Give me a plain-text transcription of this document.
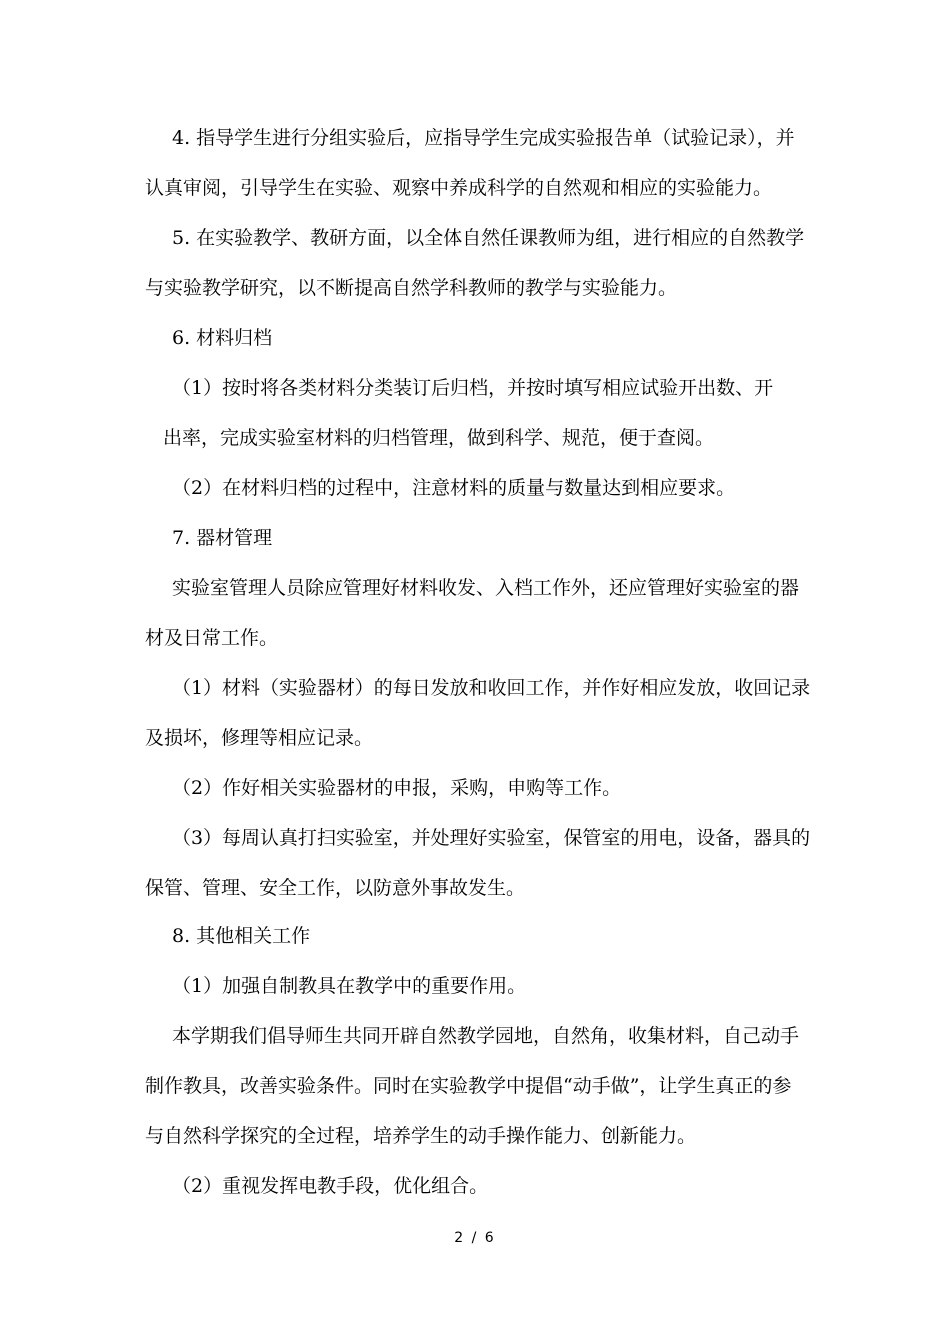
4. 指导学生进行分组实验后，应指导学生完成实验报告单（试验记录），并
认真审阅，引导学生在实验、观察中养成科学的自然观和相应的实验能力。
5. 在实验教学、教研方面，以全体自然任课教师为组，进行相应的自然教学
与实验教学研究，以不断提高自然学科教师的教学与实验能力。
6. 材料归档
（1）按时将各类材料分类装订后归档，并按时填写相应试验开出数、开
出率，完成实验室材料的归档管理，做到科学、规范，便于查阅。
（2）在材料归档的过程中，注意材料的质量与数量达到相应要求。
7. 器材管理
实验室管理人员除应管理好材料收发、入档工作外，还应管理好实验室的器
材及日常工作。
（1）材料（实验器材）的每日发放和收回工作，并作好相应发放，收回记录
及损坏，修理等相应记录。
（2）作好相关实验器材的申报，采购，申购等工作。
（3）每周认真打扫实验室，并处理好实验室，保管室的用电，设备，器具的
保管、管理、安全工作，以防意外事故发生。
8. 其他相关工作
（1）加强自制教具在教学中的重要作用。
本学期我们倡导师生共同开辟自然教学园地，自然角，收集材料，自己动手
制作教具，改善实验条件。同时在实验教学中提倡“动手做”，让学生真正的参
与自然科学探究的全过程，培养学生的动手操作能力、创新能力。
（2）重视发挥电教手段，优化组合。
2 / 6
